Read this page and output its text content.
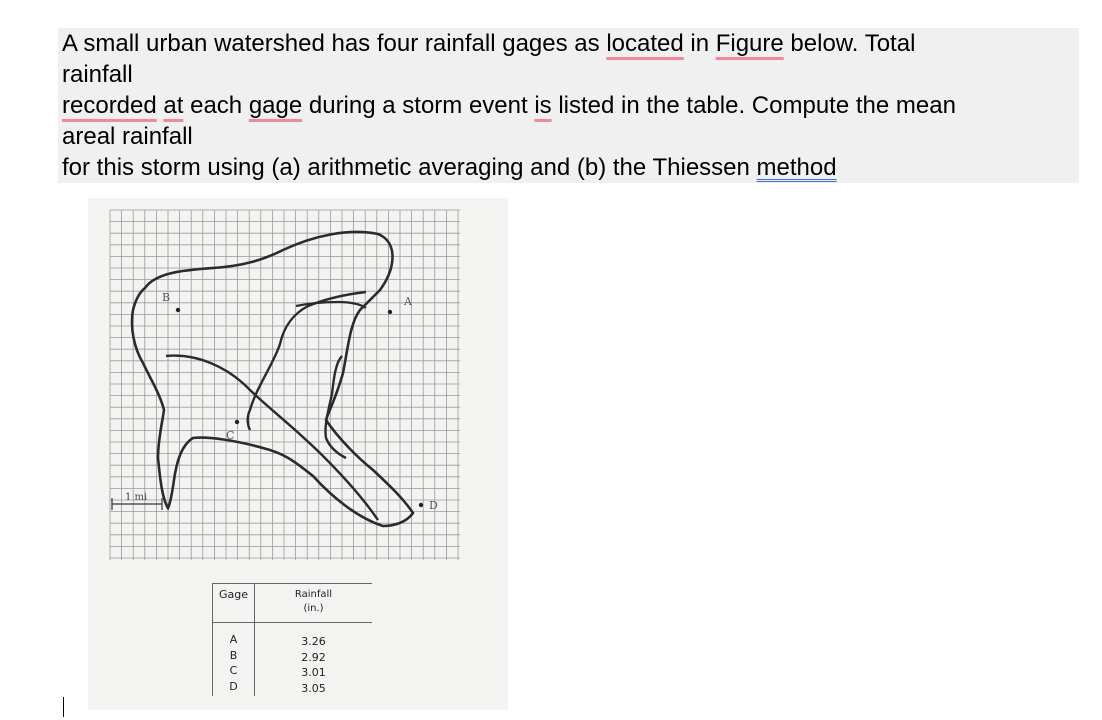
A small urban watershed has four rainfall gages as located in Figure below. Total
rainfall
recorded at each gage during a storm event is listed in the table. Compute the mean
areal rainfall
for this storm using (a) arithmetic averaging and (b) the Thiessen method
A
B
C
D
1 mi
Gage	Rainfall
(in.)
A
B
C
D
3.26
2.92
3.01
3.05
